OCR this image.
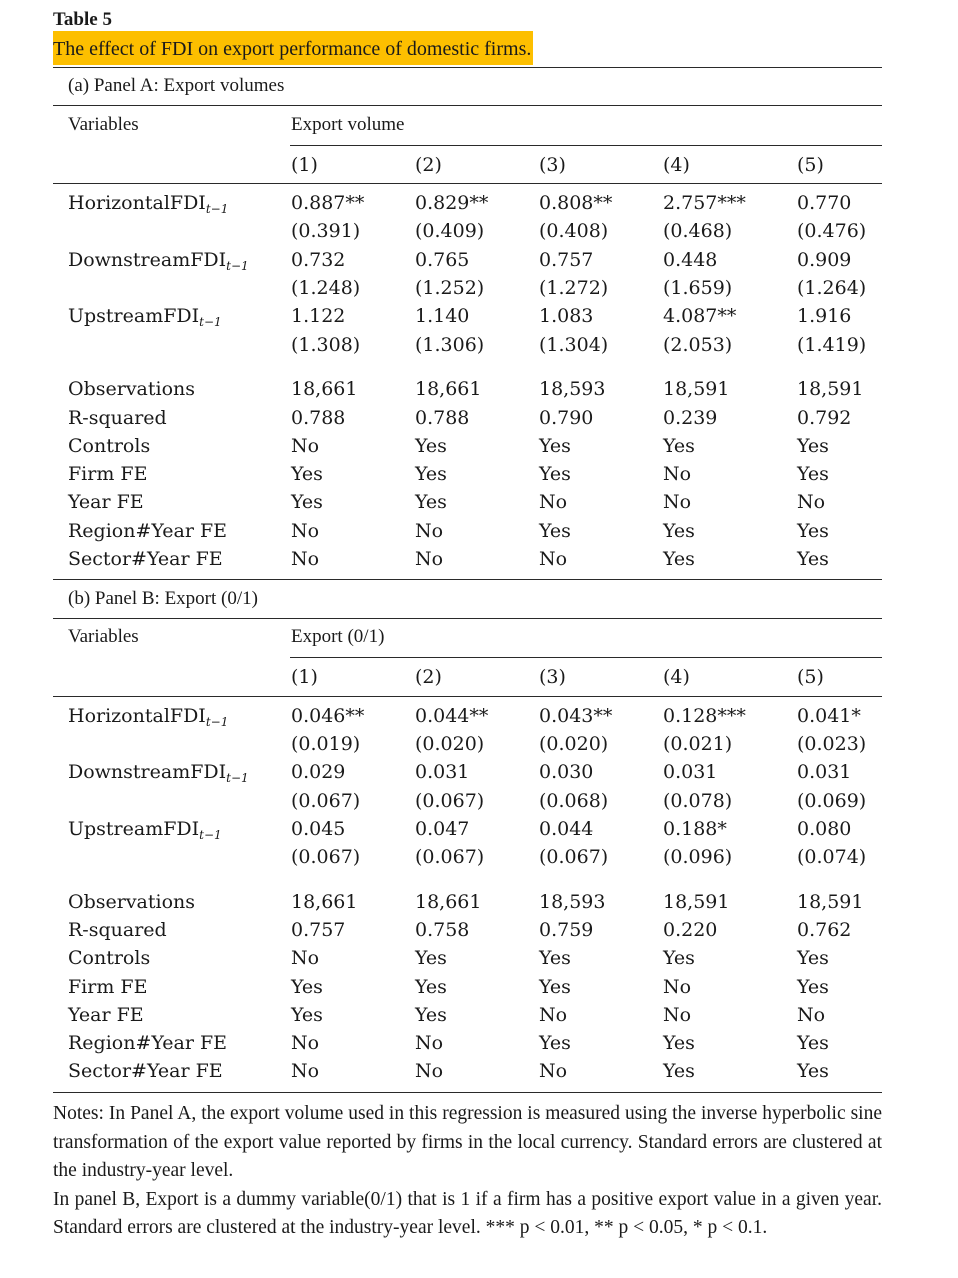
Table 5
The effect of FDI on export performance of domestic firms.
(a) Panel A: Export volumes
Variables	Export volume
(1)	(2)	(3)	(4)	(5)
HorizontalFDI$_{t-1}$	0.887**	0.829**	0.808**	2.757***	0.770
(0.391)	(0.409)	(0.408)	(0.468)	(0.476)
DownstreamFDI$_{t-1}$ 0.732	0.765	0.757	0.448	0.909
(1.248)	(1.252)	(1.272)	(1.659)	(1.264)
UpstreamFDI$_{t-1}$	1.122	1.140	1.083	4.087**	1.916
(1.308)	(1.306)	(1.304)	(2.053)	(1.419)
Observations	18,661	18,661	18,593	18,591	18,591
R-squared	0.788	0.788	0.790	0.239	0.792
Controls	No	Yes	Yes	Yes	Yes
Firm FE	Yes	Yes	Yes	No	Yes
Year FE	Yes	Yes	No	No	No
Region#Year FE	No	No	Yes	Yes	Yes
Sector#Year FE	No	No	No	Yes	Yes
(b) Panel B: Export (0/1)
Variables	Export (0/1)
(1)	(2)	(3)	(4)	(5)
HorizontalFDI$_{t-1}$	0.046**	0.044**	0.043**	0.128***	0.041*
(0.019)	(0.020)	(0.020)	(0.021)	(0.023)
DownstreamFDI$_{t-1}$ 0.029	0.031	0.030	0.031	0.031
(0.067)	(0.067)	(0.068)	(0.078)	(0.069)
UpstreamFDI$_{t-1}$	0.045	0.047	0.044	0.188*	0.080
(0.067)	(0.067)	(0.067)	(0.096)	(0.074)
Observations	18,661	18,661	18,593	18,591	18,591
R-squared	0.757	0.758	0.759	0.220	0.762
Controls	No	Yes	Yes	Yes	Yes
Firm FE	Yes	Yes	Yes	No	Yes
Year FE	Yes	Yes	No	No	No
Region#Year FE	No	No	Yes	Yes	Yes
Sector#Year FE	No	No	No	Yes	Yes

Notes: In Panel A, the export volume used in this regression is measured using the inverse hyperbolic sine transformation of the export value reported by firms in the local currency. Standard errors are clustered at the industry-year level.

In panel B, Export is a dummy variable(0/1) that is 1 if a firm has a positive export value in a given year. Standard errors are clustered at the industry-year level. *** p < 0.01, ** p < 0.05, * p < 0.1.
